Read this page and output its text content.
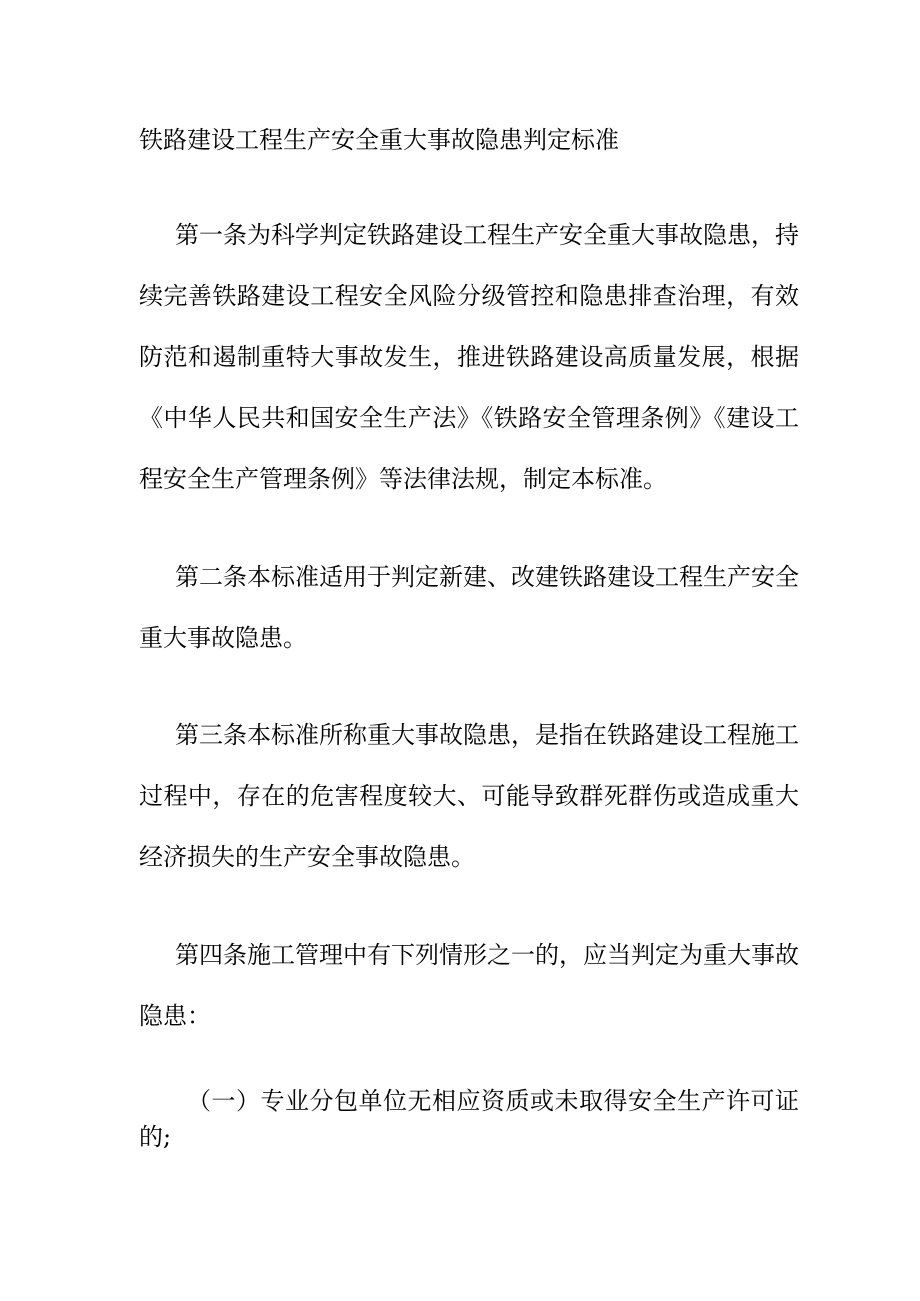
铁路建设工程生产安全重大事故隐患判定标准

第一条为科学判定铁路建设工程生产安全重大事故隐患，持续完善铁路建设工程安全风险分级管控和隐患排查治理，有效防范和遏制重特大事故发生，推进铁路建设高质量发展，根据《中华人民共和国安全生产法》《铁路安全管理条例》《建设工程安全生产管理条例》等法律法规，制定本标准。

第二条本标准适用于判定新建、改建铁路建设工程生产安全重大事故隐患。

第三条本标准所称重大事故隐患，是指在铁路建设工程施工过程中，存在的危害程度较大、可能导致群死群伤或造成重大经济损失的生产安全事故隐患。

第四条施工管理中有下列情形之一的，应当判定为重大事故隐患：

（一）专业分包单位无相应资质或未取得安全生产许可证的;
